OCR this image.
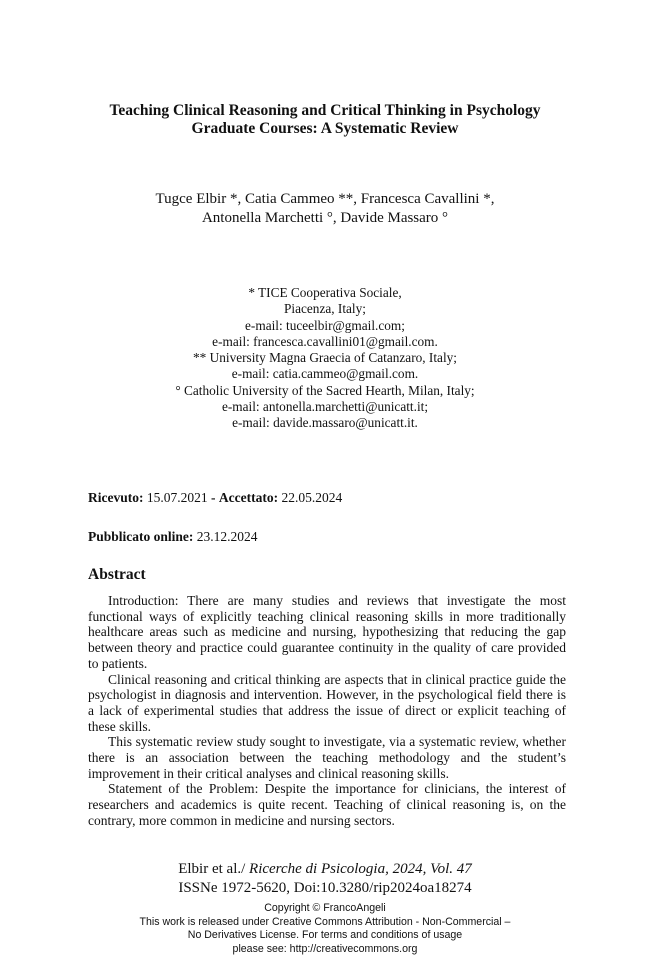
Teaching Clinical Reasoning and Critical Thinking in Psychology
Graduate Courses: A Systematic Review
Tugce Elbir *, Catia Cammeo **, Francesca Cavallini *,
Antonella Marchetti °, Davide Massaro °
* TICE Cooperativa Sociale,
Piacenza, Italy;
e-mail: tuceelbir@gmail.com;
e-mail: francesca.cavallini01@gmail.com.
** University Magna Graecia of Catanzaro, Italy;
e-mail: catia.cammeo@gmail.com.
° Catholic University of the Sacred Hearth, Milan, Italy;
e-mail: antonella.marchetti@unicatt.it;
e-mail: davide.massaro@unicatt.it.
Ricevuto: 15.07.2021 - Accettato: 22.05.2024
Pubblicato online: 23.12.2024
Abstract

Introduction: There are many studies and reviews that investigate the most functional ways of explicitly teaching clinical reasoning skills in more traditionally healthcare areas such as medicine and nursing, hypothesizing that reducing the gap between theory and practice could guarantee continuity in the quality of care provided to patients.

Clinical reasoning and critical thinking are aspects that in clinical practice guide the psychologist in diagnosis and intervention. However, in the psychological field there is a lack of experimental studies that address the issue of direct or explicit teaching of these skills.

This systematic review study sought to investigate, via a systematic review, whether there is an association between the teaching methodology and the student’s improvement in their critical analyses and clinical reasoning skills.

Statement of the Problem: Despite the importance for clinicians, the interest of researchers and academics is quite recent. Teaching of clinical reasoning is, on the contrary, more common in medicine and nursing sectors.

Elbir et al./ Ricerche di Psicologia, 2024, Vol. 47
ISSNe 1972-5620, Doi:10.3280/rip2024oa18274
Copyright © FrancoAngeli
This work is released under Creative Commons Attribution - Non-Commercial –
No Derivatives License. For terms and conditions of usage
please see: http://creativecommons.org
